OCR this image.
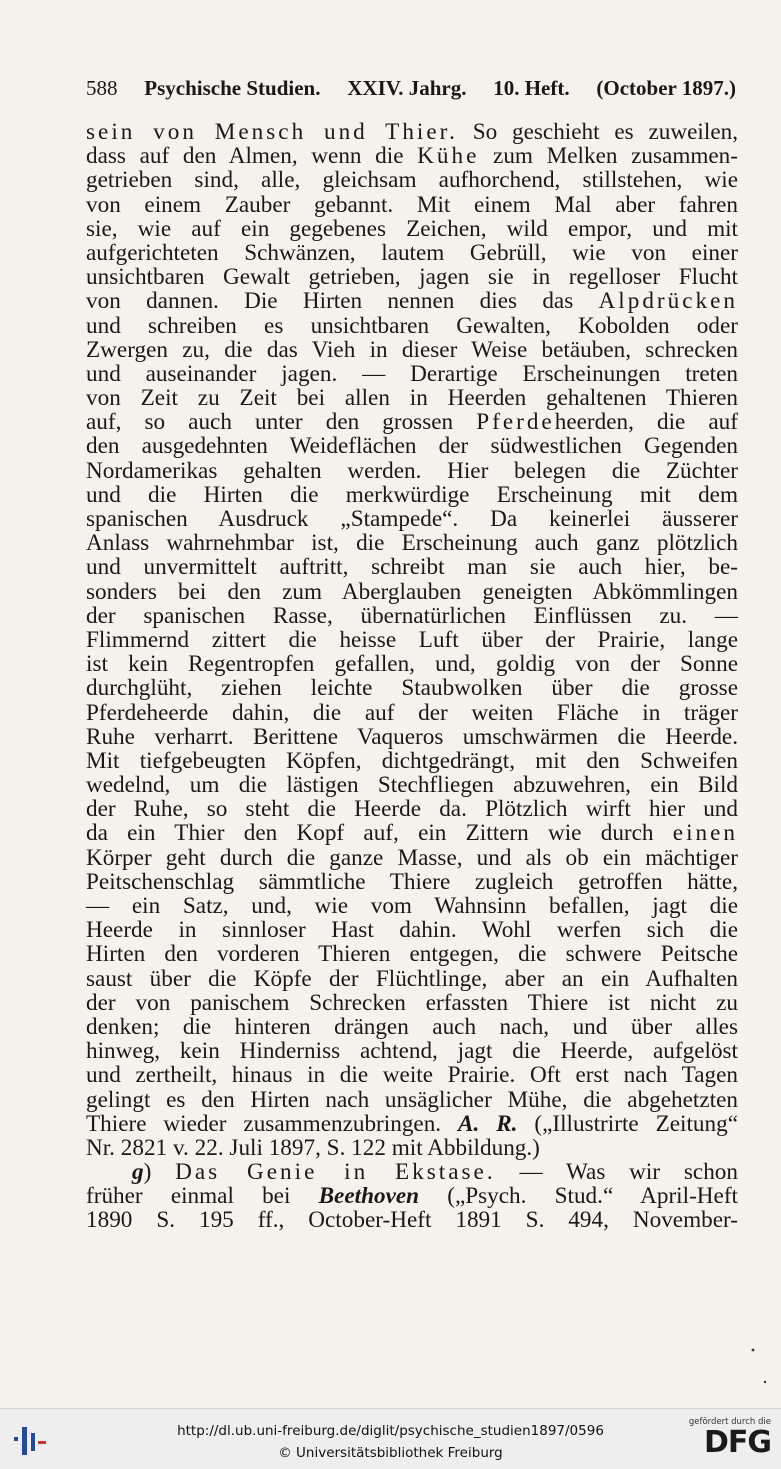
588 Psychische Studien. XXIV. Jahrg. 10. Heft. (October 1897.)
sein von Mensch und Thier. So geschieht es zuweilen,
dass auf den Almen, wenn die Kühe zum Melken zusammen-
getrieben sind, alle, gleichsam aufhorchend, stillstehen, wie
von einem Zauber gebannt. Mit einem Mal aber fahren
sie, wie auf ein gegebenes Zeichen, wild empor, und mit
aufgerichteten Schwänzen, lautem Gebrüll, wie von einer
unsichtbaren Gewalt getrieben, jagen sie in regelloser Flucht
von dannen. Die Hirten nennen dies das Alpdrücken
und schreiben es unsichtbaren Gewalten, Kobolden oder
Zwergen zu, die das Vieh in dieser Weise betäuben, schrecken
und auseinander jagen. — Derartige Erscheinungen treten
von Zeit zu Zeit bei allen in Heerden gehaltenen Thieren
auf, so auch unter den grossen Pferdeheerden, die auf
den ausgedehnten Weideflächen der südwestlichen Gegenden
Nordamerikas gehalten werden. Hier belegen die Züchter
und die Hirten die merkwürdige Erscheinung mit dem
spanischen Ausdruck „Stampede“. Da keinerlei äusserer
Anlass wahrnehmbar ist, die Erscheinung auch ganz plötzlich
und unvermittelt auftritt, schreibt man sie auch hier, be-
sonders bei den zum Aberglauben geneigten Abkömmlingen
der spanischen Rasse, übernatürlichen Einflüssen zu. —
Flimmernd zittert die heisse Luft über der Prairie, lange
ist kein Regentropfen gefallen, und, goldig von der Sonne
durchglüht, ziehen leichte Staubwolken über die grosse
Pferdeheerde dahin, die auf der weiten Fläche in träger
Ruhe verharrt. Berittene Vaqueros umschwärmen die Heerde.
Mit tiefgebeugten Köpfen, dichtgedrängt, mit den Schweifen
wedelnd, um die lästigen Stechfliegen abzuwehren, ein Bild
der Ruhe, so steht die Heerde da. Plötzlich wirft hier und
da ein Thier den Kopf auf, ein Zittern wie durch einen
Körper geht durch die ganze Masse, und als ob ein mächtiger
Peitschenschlag sämmtliche Thiere zugleich getroffen hätte,
— ein Satz, und, wie vom Wahnsinn befallen, jagt die
Heerde in sinnloser Hast dahin. Wohl werfen sich die
Hirten den vorderen Thieren entgegen, die schwere Peitsche
saust über die Köpfe der Flüchtlinge, aber an ein Aufhalten
der von panischem Schrecken erfassten Thiere ist nicht zu
denken; die hinteren drängen auch nach, und über alles
hinweg, kein Hinderniss achtend, jagt die Heerde, aufgelöst
und zertheilt, hinaus in die weite Prairie. Oft erst nach Tagen
gelingt es den Hirten nach unsäglicher Mühe, die abgehetzten
Thiere wieder zusammenzubringen. A. R. („Illustrirte Zeitung“
Nr. 2821 v. 22. Juli 1897, S. 122 mit Abbildung.)
g) Das Genie in Ekstase. — Was wir schon
früher einmal bei Beethoven („Psych. Stud.“ April-Heft
1890 S. 195 ff., October-Heft 1891 S. 494, November-
http://dl.ub.uni-freiburg.de/diglit/psychische_studien1897/0596
© Universitätsbibliothek Freiburg
gefördert durch die
DFG
